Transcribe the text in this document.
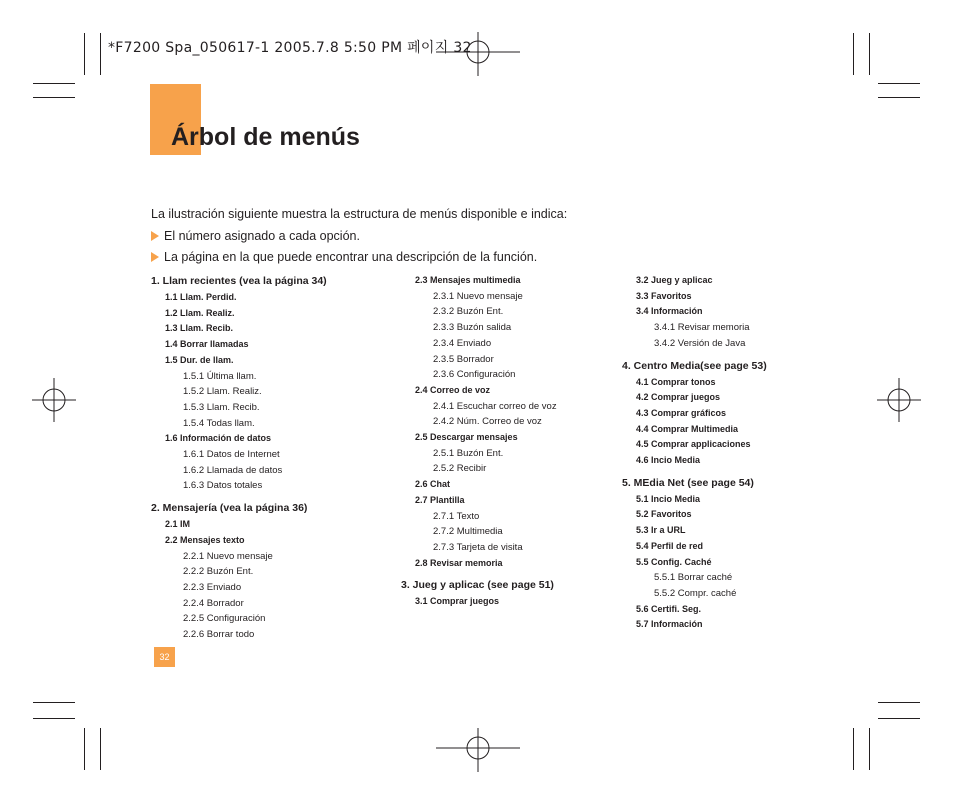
*F7200 Spa_050617-1 2005.7.8 5:50 PM 페이지 32
Árbol de menús
La ilustración siguiente muestra la estructura de menús disponible e indica:
El número asignado a cada opción.
La página en la que puede encontrar una descripción de la función.
1. Llam recientes (vea la página 34)
1.1 Llam. Perdid.
1.2 Llam. Realiz.
1.3 Llam. Recib.
1.4 Borrar llamadas
1.5 Dur. de llam.
1.5.1 Última llam.
1.5.2 Llam. Realiz.
1.5.3 Llam. Recib.
1.5.4 Todas llam.
1.6 Información de datos
1.6.1 Datos de Internet
1.6.2 Llamada de datos
1.6.3 Datos totales
2. Mensajería (vea la página 36)
2.1 IM
2.2 Mensajes texto
2.2.1 Nuevo mensaje
2.2.2 Buzón Ent.
2.2.3 Enviado
2.2.4 Borrador
2.2.5 Configuración
2.2.6 Borrar todo
2.3 Mensajes multimedia
2.3.1 Nuevo mensaje
2.3.2 Buzón Ent.
2.3.3 Buzón salida
2.3.4 Enviado
2.3.5 Borrador
2.3.6 Configuración
2.4 Correo de voz
2.4.1 Escuchar correo de voz
2.4.2 Núm. Correo de voz
2.5 Descargar mensajes
2.5.1 Buzón Ent.
2.5.2 Recibir
2.6 Chat
2.7 Plantilla
2.7.1 Texto
2.7.2 Multimedia
2.7.3 Tarjeta de visita
2.8 Revisar memoria
3. Jueg y aplicac (see page 51)
3.1 Comprar juegos
3.2 Jueg y aplicac
3.3 Favoritos
3.4 Información
3.4.1 Revisar memoria
3.4.2 Versión de Java
4. Centro Media(see page 53)
4.1 Comprar tonos
4.2 Comprar juegos
4.3 Comprar gráficos
4.4 Comprar Multimedia
4.5 Comprar applicaciones
4.6 Incio Media
5. MEdia Net (see page 54)
5.1 Incio Media
5.2 Favoritos
5.3 Ir a URL
5.4 Perfil de red
5.5 Config. Caché
5.5.1 Borrar caché
5.5.2 Compr. caché
5.6 Certifi. Seg.
5.7 Información
32
